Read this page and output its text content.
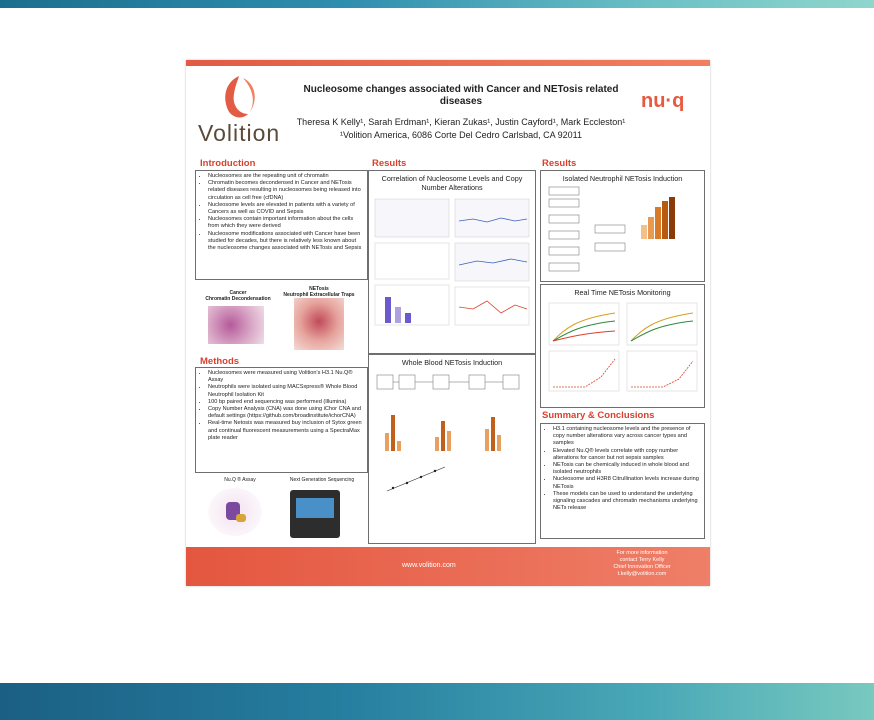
Volition
nu·q
Nucleosome changes associated with Cancer and NETosis related diseases
Theresa K Kelly¹, Sarah Erdman¹, Kieran Zukas¹, Justin Cayford¹, Mark Eccleston¹
¹Volition America, 6086 Corte Del Cedro Carlsbad, CA 92011
Introduction
• Nucleosomes are the repeating unit of chromatin
• Chromatin becomes decondensed in Cancer and NETosis related diseases resulting in nucleosomes being released into circulation as cell free (cfDNA)
• Nucleosome levels are elevated in patients with a variety of Cancers as well as COVID and Sepsis
• Nucleosomes contain important information about the cells from which they were derived
• Nucleosome modifications associated with Cancer have been studied for decades, but there is relatively less known about the nucleosome changes associated with NETosis and Sepsis
Cancer
Chromatin Decondensation
NETosis
Neutrophil Extracellular Traps
Methods
• Nucleosomes were measured using Volition's H3.1 Nu.Q® Assay
• Neutrophils were isolated using MACSxpress® Whole Blood Neutrophil Isolation Kit
• 100 bp paired end sequencing was performed (Illumina)
• Copy Number Analysis (CNA) was done using iChor CNA and default settings (https://github.com/broadinstitute/ichorCNA)
• Real-time Netosis was measured buy inclusion of Sytox green and continual fluorescent measurements using a SpectraMax plate reader
Nu.Q ® Assay	Next Generation Sequencing
Results
Correlation of Nucleosome Levels and Copy Number Alterations
Whole Blood NETosis Induction
Results
Isolated Neutrophil NETosis Induction
Real Time NETosis Monitoring
Summary & Conclusions
• H3.1 containing nucleosome levels and the presence of copy number alterations vary across cancer types and samples
• Elevated Nu.Q® levels correlate with copy number alterations for cancer but not sepsis samples
• NETosis can be chemically induced in whole blood and isolated neutrophils
• Nucleosome and H3R8 Citrullination levels increase during NETosis
• These models can be used to understand the underlying signaling cascades and chromatin mechanisms underlying NETs release
www.volition.com
For more information
contact Terry Kelly
Chief Innovation Officer
t.kelly@volition.com
